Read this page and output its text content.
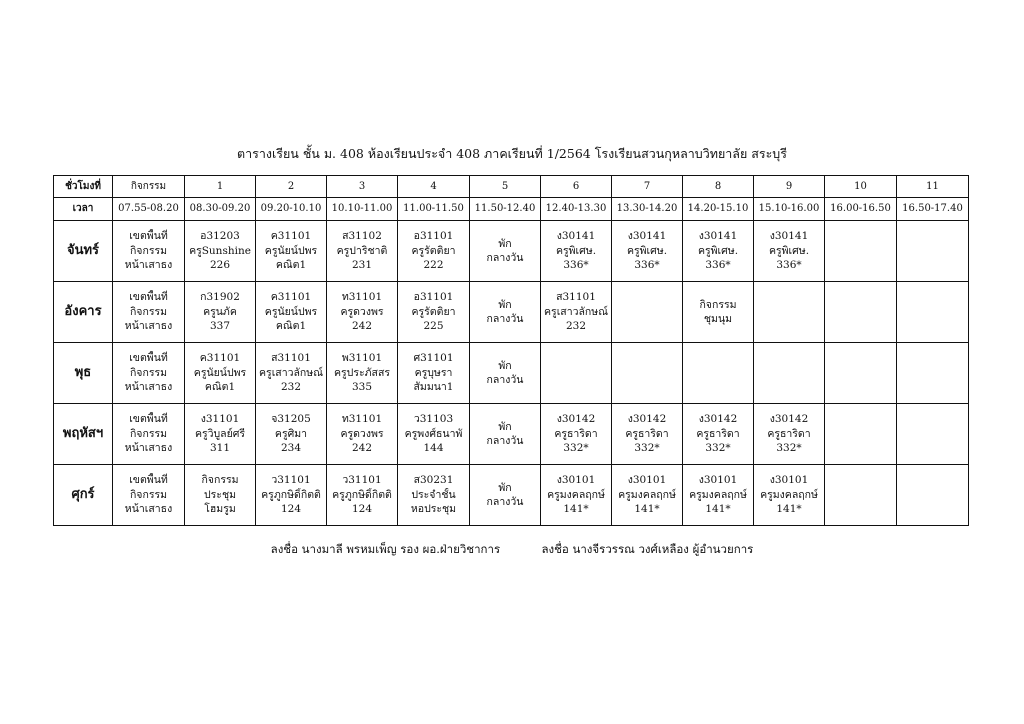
ตารางเรียน ชั้น ม. 408 ห้องเรียนประจำ 408 ภาคเรียนที่ 1/2564 โรงเรียนสวนกุหลาบวิทยาลัย สระบุรี
ชั่วโมงที่	กิจกรรม	1	2	3	4	5	6	7	8	9	10	11
เวลา	07.55-08.20	08.30-09.20	09.20-10.10	10.10-11.00	11.00-11.50	11.50-12.40	12.40-13.30	13.30-14.20	14.20-15.10	15.10-16.00	16.00-16.50	16.50-17.40
จันทร์	เขตพื้นที่
กิจกรรม
หน้าเสาธง	อ31203
ครูSunshine
226	ค31101
ครูนัยน์ปพร
คณิต1	ส31102
ครูปาริชาติ
231	อ31101
ครูรัตติยา
222	พัก
กลางวัน	ง30141
ครูพิเศษ.
336*	ง30141
ครูพิเศษ.
336*	ง30141
ครูพิเศษ.
336*	ง30141
ครูพิเศษ.
336*		

อังคาร	เขตพื้นที่
กิจกรรม
หน้าเสาธง	ก31902
ครูนภัค
337	ค31101
ครูนัยน์ปพร
คณิต1	ท31101
ครูดวงพร
242	อ31101
ครูรัตติยา
225	พัก
กลางวัน	ส31101
ครูเสาวลักษณ์
232		กิจกรรม
ชุมนุม			

พุธ	เขตพื้นที่
กิจกรรม
หน้าเสาธง	ค31101
ครูนัยน์ปพร
คณิต1	ส31101
ครูเสาวลักษณ์
232	พ31101
ครูประภัสสร
335	ศ31101
ครูบุษรา
สัมมนา1	พัก
กลางวัน						

พฤหัสฯ	เขตพื้นที่
กิจกรรม
หน้าเสาธง	ง31101
ครูวิบูลย์ศรี
311	จ31205
ครูศิมา
234	ท31101
ครูดวงพร
242	ว31103
ครูพงศ์ธนาพั
144	พัก
กลางวัน	ง30142
ครูธาริดา
332*	ง30142
ครูธาริดา
332*	ง30142
ครูธาริดา
332*	ง30142
ครูธาริดา
332*		

ศุกร์	เขตพื้นที่
กิจกรรม
หน้าเสาธง	กิจกรรม
ประชุม
โฮมรูม	ว31101
ครูภูกษิดิ์กิตติ
124	ว31101
ครูภูกษิดิ์กิตติ
124	ส30231
ประจำชั้น
หอประชุม	พัก
กลางวัน	ง30101
ครูมงคลฤกษ์
141*	ง30101
ครูมงคลฤกษ์
141*	ง30101
ครูมงคลฤกษ์
141*	ง30101
ครูมงคลฤกษ์
141*		

ลงชื่อ นางมาลี พรหมเพ็ญ รอง ผอ.ฝ่ายวิชาการ	ลงชื่อ นางจีรวรรณ วงศ์เหลือง ผู้อำนวยการ
